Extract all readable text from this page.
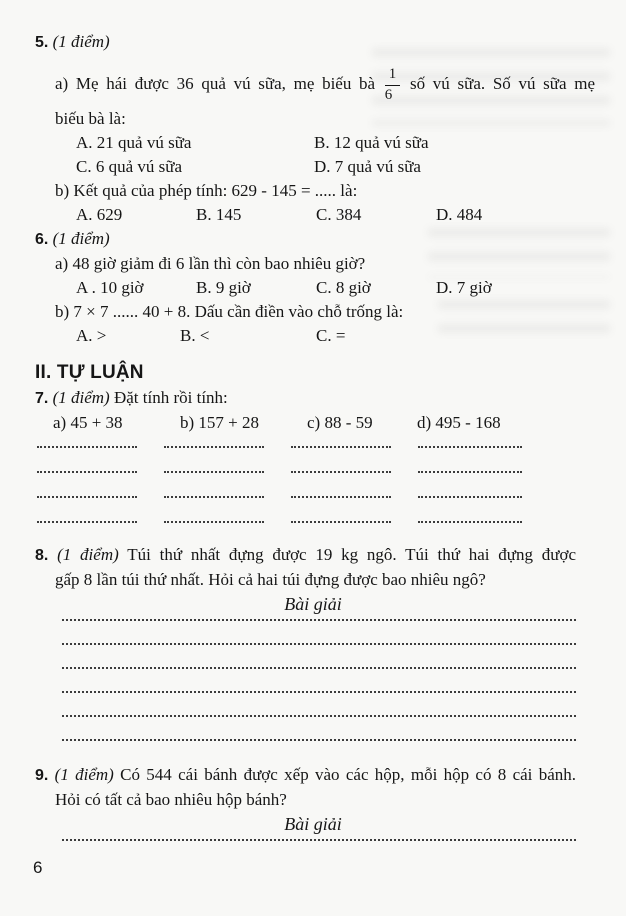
5. (1 điểm)
a) Mẹ hái được 36 quả vú sữa, mẹ biếu bà $\frac{1}{6}$ số vú sữa. Số vú sữa mẹ
biếu bà là:
A. 21 quả vú sữa	B. 12 quả vú sữa
C. 6 quả vú sữa	D. 7 quả vú sữa
b) Kết quả của phép tính: 629 - 145 = ..... là:
A. 629	B. 145	C. 384	D. 484
6. (1 điểm)
a) 48 giờ giảm đi 6 lần thì còn bao nhiêu giờ?
A . 10 giờ	B. 9 giờ	C. 8 giờ	D. 7 giờ
b) 7 × 7 ...... 40 + 8. Dấu cần điền vào chỗ trống là:
A. >	B. <	C. =
II. TỰ LUẬN
7. (1 điểm) Đặt tính rồi tính:
a) 45 + 38	b) 157 + 28	c) 88 - 59	d) 495 - 168
8. (1 điểm) Túi thứ nhất đựng được 19 kg ngô. Túi thứ hai đựng được
gấp 8 lần túi thứ nhất. Hỏi cả hai túi đựng được bao nhiêu ngô?
Bài giải
9. (1 điểm) Có 544 cái bánh được xếp vào các hộp, mỗi hộp có 8 cái bánh.
Hỏi có tất cả bao nhiêu hộp bánh?
Bài giải
6
